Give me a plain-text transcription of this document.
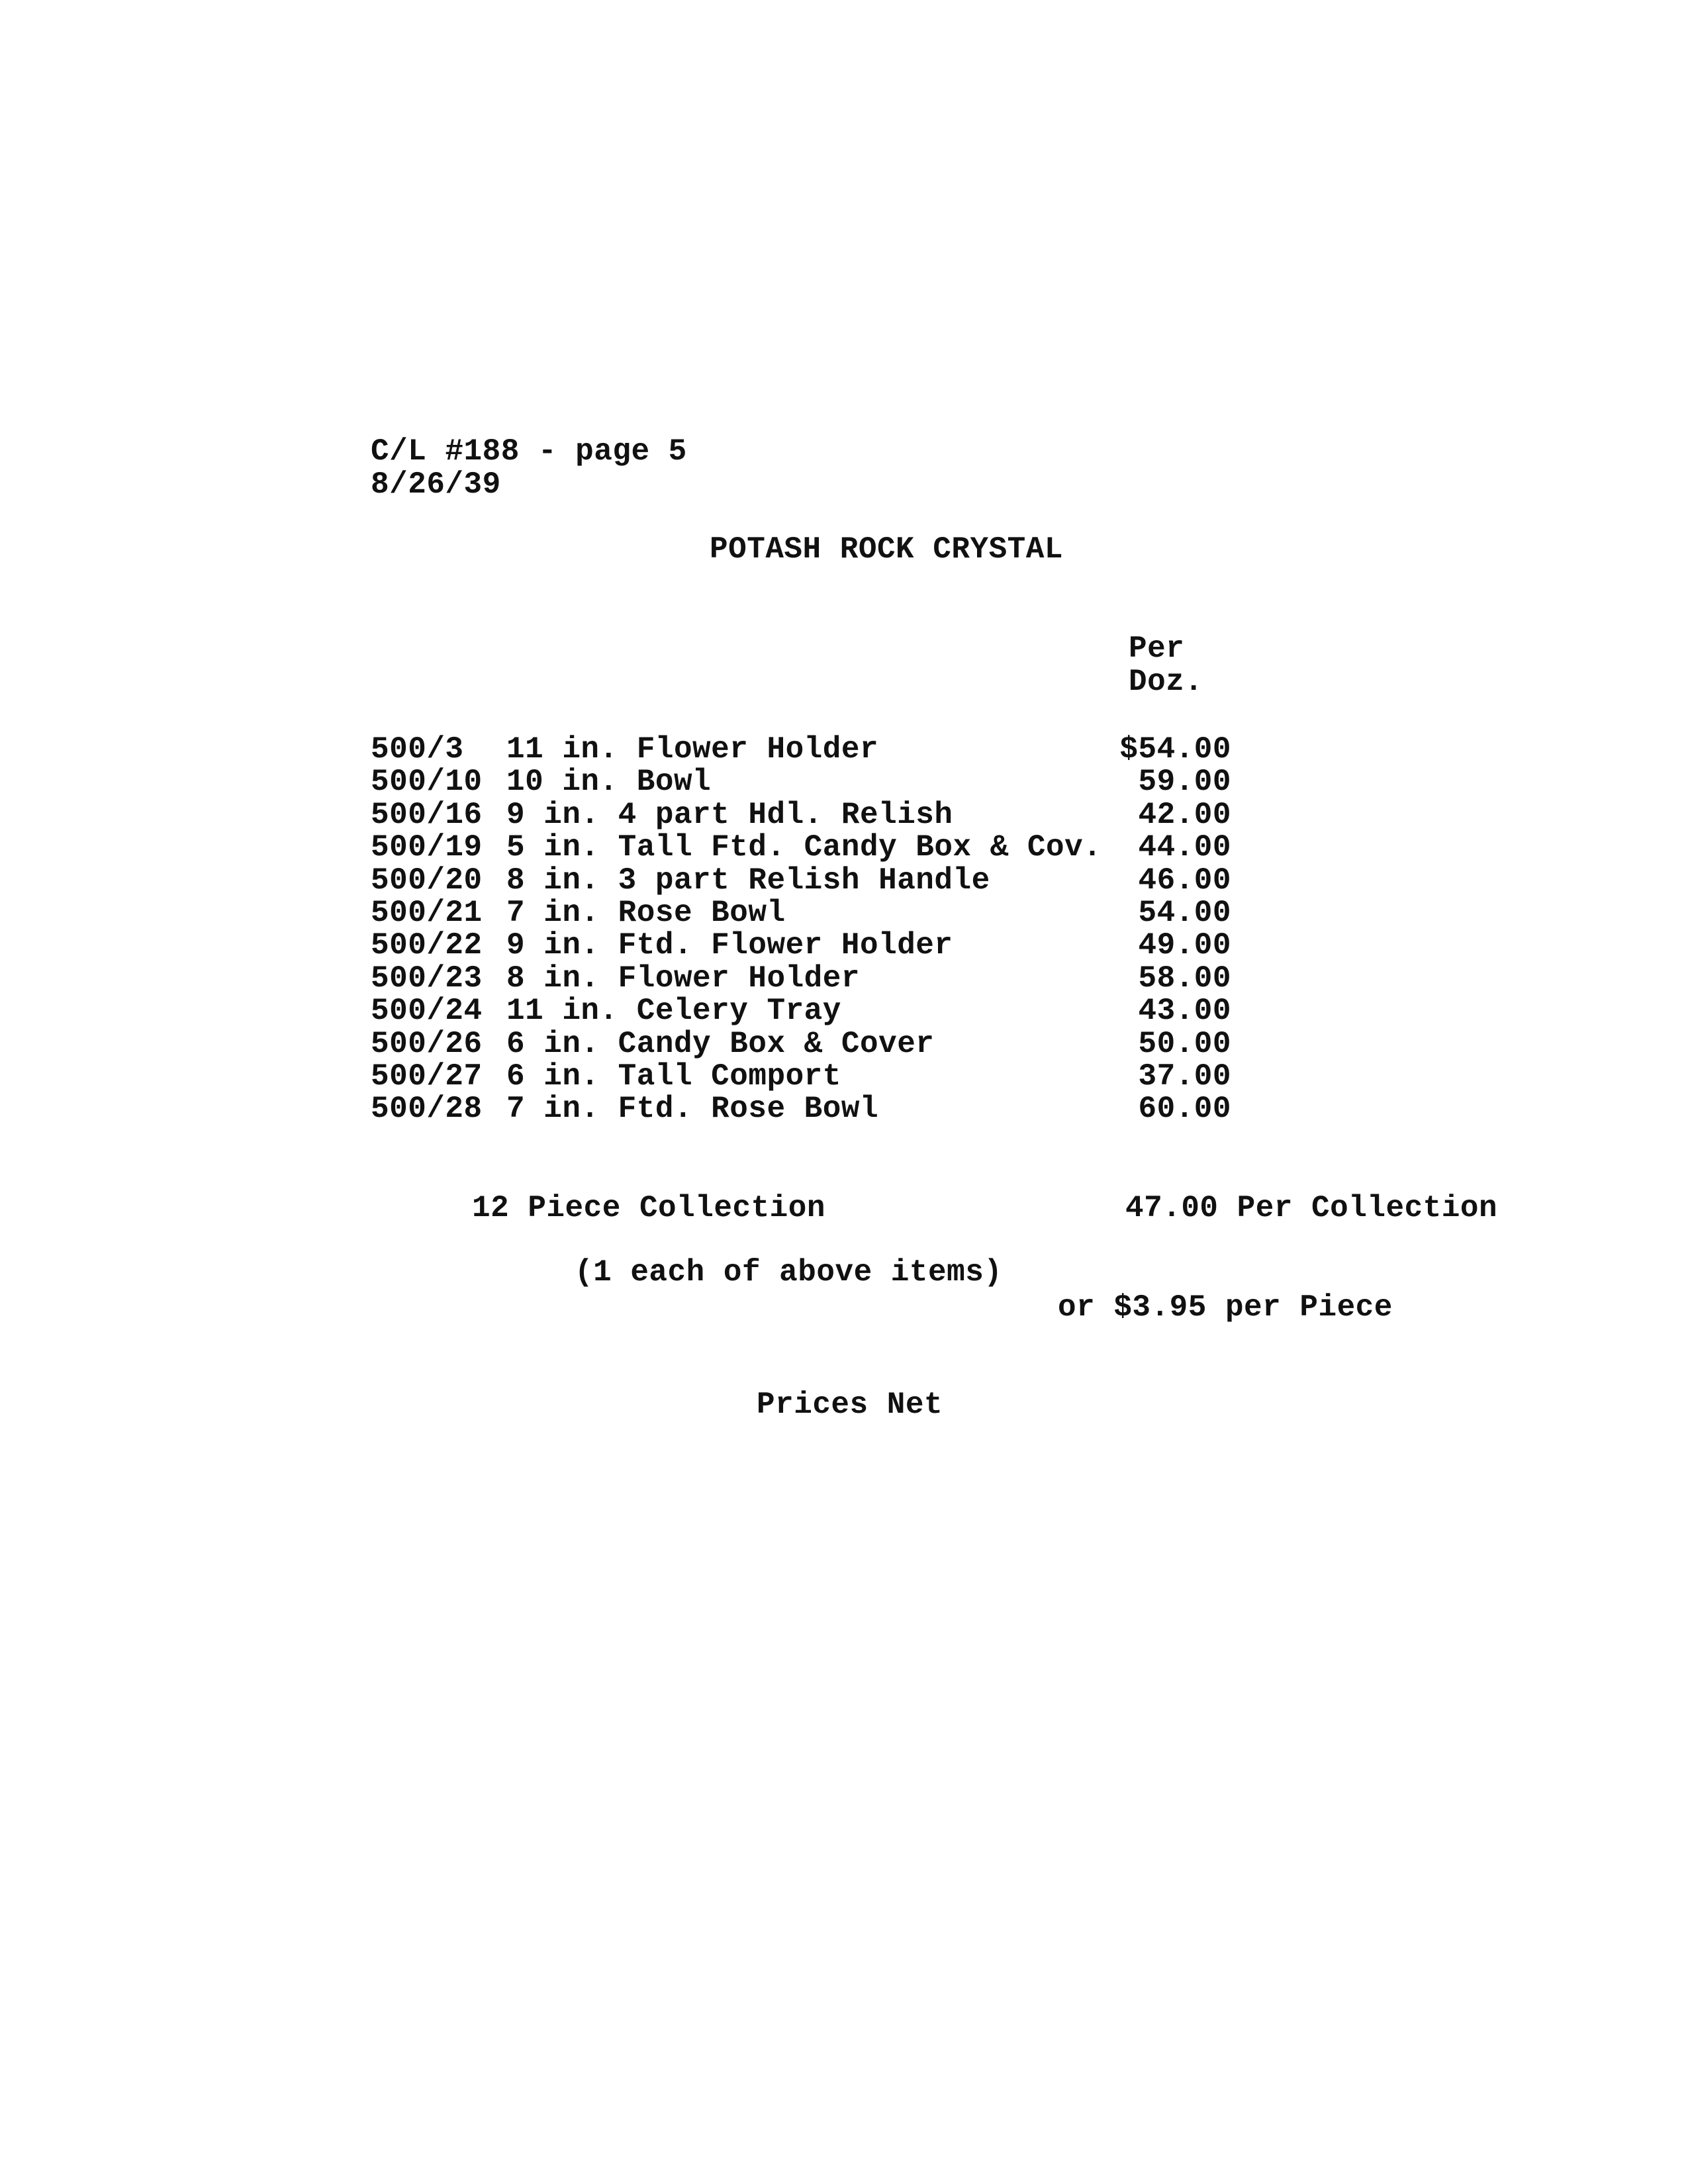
C/L #188 - page 5
8/26/39
POTASH ROCK CRYSTAL
Per
Doz.
500/3 11 in. Flower Holder	$54.00
500/10 10 in. Bowl	59.00
500/16 9 in. 4 part Hdl. Relish	42.00
500/19 5 in. Tall Ftd. Candy Box & Cov.	44.00
500/20 8 in. 3 part Relish Handle	46.00
500/21 7 in. Rose Bowl	54.00
500/22 9 in. Ftd. Flower Holder	49.00
500/23 8 in. Flower Holder	58.00
500/24 11 in. Celery Tray	43.00
500/26 6 in. Candy Box & Cover	50.00
500/27 6 in. Tall Comport	37.00
500/28 7 in. Ftd. Rose Bowl	60.00
12 Piece Collection	47.00 Per Collection
(1 each of above items)
or $3.95 per Piece
Prices Net
